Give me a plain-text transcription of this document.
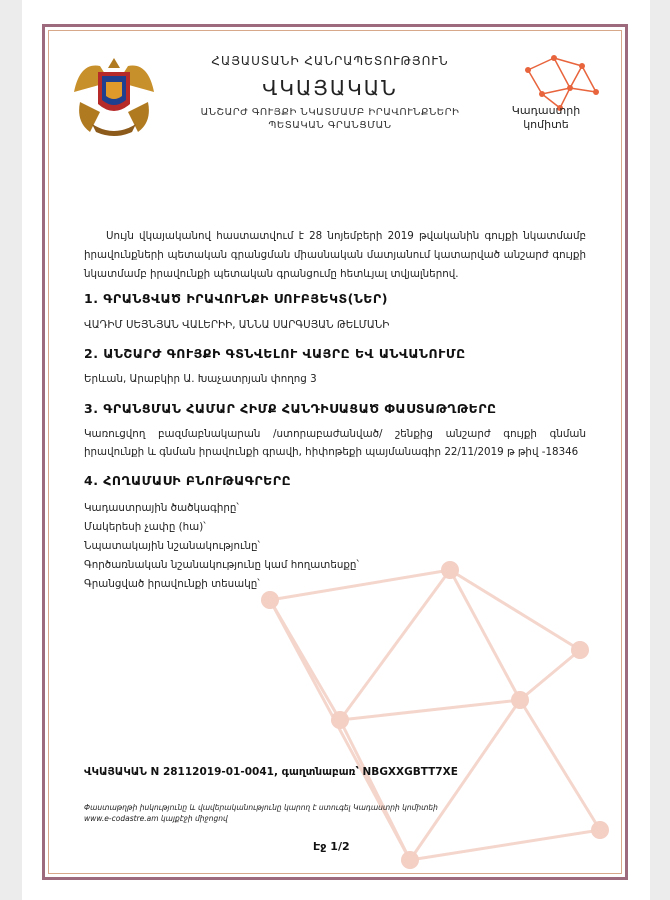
Կադաստրի
կոմիտե
ՀԱՅԱՍՏԱՆԻ ՀԱՆՐԱՊԵՏՈՒԹՅՈՒՆ
ՎԿԱՅԱԿԱՆ
ԱՆՇԱՐԺ ԳՈՒՅՔԻ ՆԿԱՏՄԱՄԲ ԻՐԱՎՈՒՆՔՆԵՐԻ
ՊԵՏԱԿԱՆ ԳՐԱՆՑՄԱՆ
Սույն վկայականով հաստատվում է 28 նոյեմբերի 2019 թվականին գույքի նկատմամբ իրավունքների պետական գրանցման միասնական մատյանում կատարված անշարժ գույքի նկատմամբ իրավունքի պետական գրանցումը հետևյալ տվյալներով.
1. ԳՐԱՆՑՎԱԾ ԻՐԱՎՈՒՆՔԻ ՍՈՒԲՅԵԿՏ(ՆԵՐ)
ՎԱԴԻՄ ՍԵՅՆՅԱՆ ՎԱԼԵՐԻԻ, ԱՆՆԱ ՍԱՐԳՍՅԱՆ ԹԵԼՄԱՆԻ
2. ԱՆՇԱՐԺ ԳՈՒՅՔԻ ԳՏՆՎԵԼՈՒ ՎԱՅՐԸ ԵՎ ԱՆՎԱՆՈՒՄԸ
Երևան, Արաբկիր Ա. Խաչատրյան փողոց 3
3. ԳՐԱՆՑՄԱՆ ՀԱՄԱՐ ՀԻՄՔ ՀԱՆԴԻՍԱՑԱԾ ՓԱՍՏԱԹՂԹԵՐԸ
Կառուցվող բազմաբնակարան /ստորաբաժանված/ շենքից անշարժ գույքի գնման
իրավունքի և գնման իրավունքի գրավի, հիփոթեքի պայմանագիր 22/11/2019 թ թիվ -18346
4. ՀՈՂԱՄԱՍԻ ԲՆՈՒԹԱԳՐԵՐԸ
Կադաստրային ծածկագիրը՝
Մակերեսի չափը (հա)՝
Նպատակային նշանակությունը՝
Գործառնական նշանակությունը կամ հողատեսքը՝
Գրանցված իրավունքի տեսակը՝
ՎԿԱՅԱԿԱՆ N 28112019-01-0041, գաղտնաբառ՝ NBGXXGBTT7XE
Փաստաթղթի իսկությունը և վավերականությունը կարող է ստուգել Կադաստրի կոմիտեի
www.e-codastre.am կայքէջի միջոցով
Էջ 1/2
